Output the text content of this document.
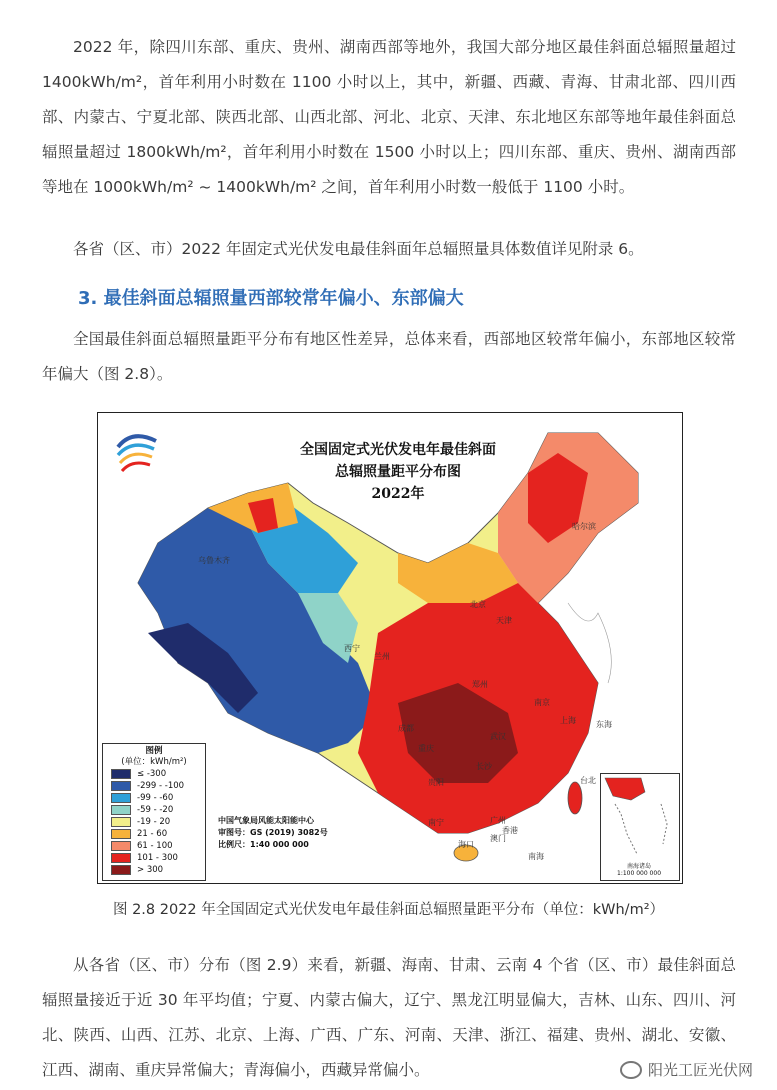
2022 年，除四川东部、重庆、贵州、湖南西部等地外，我国大部分地区最佳斜面总辐照量超过 1400kWh/m²，首年利用小时数在 1100 小时以上，其中，新疆、西藏、青海、甘肃北部、四川西部、内蒙古、宁夏北部、陕西北部、山西北部、河北、北京、天津、东北地区东部等地年最佳斜面总辐照量超过 1800kWh/m²，首年利用小时数在 1500 小时以上；四川东部、重庆、贵州、湖南西部等地在 1000kWh/m² ~ 1400kWh/m² 之间，首年利用小时数一般低于 1100 小时。

各省（区、市）2022 年固定式光伏发电最佳斜面年总辐照量具体数值详见附录 6。

3. 最佳斜面总辐照量西部较常年偏小、东部偏大

全国最佳斜面总辐照量距平分布有地区性差异，总体来看，西部地区较常年偏小，东部地区较常年偏大（图 2.8）。

全国固定式光伏发电年最佳斜面
总辐照量距平分布图
2022年
乌鲁木齐
哈尔滨
北京
天津
西宁
兰州
郑州
南京
上海
武汉
成都
重庆
长沙
贵阳
南宁	广州
海口
台北
东海
南海
香港
澳门
图例
(单位：kWh/m²)
≤ -300
-299 - -100
-99 - -60
-59 - -20
-19 - 20
21 - 60
61 - 100
101 - 300
> 300
中国气象局风能太阳能中心
审图号：GS (2019) 3082号
比例尺：1:40 000 000
南海诸岛
1:100 000 000
图 2.8 2022 年全国固定式光伏发电年最佳斜面总辐照量距平分布（单位：kWh/m²）

从各省（区、市）分布（图 2.9）来看，新疆、海南、甘肃、云南 4 个省（区、市）最佳斜面总辐照量接近于近 30 年平均值；宁夏、内蒙古偏大，辽宁、黑龙江明显偏大，吉林、山东、四川、河北、陕西、山西、江苏、北京、上海、广西、广东、河南、天津、浙江、福建、贵州、湖北、安徽、江西、湖南、重庆异常偏大；青海偏小，西藏异常偏小。	阳光工匠光伏网
